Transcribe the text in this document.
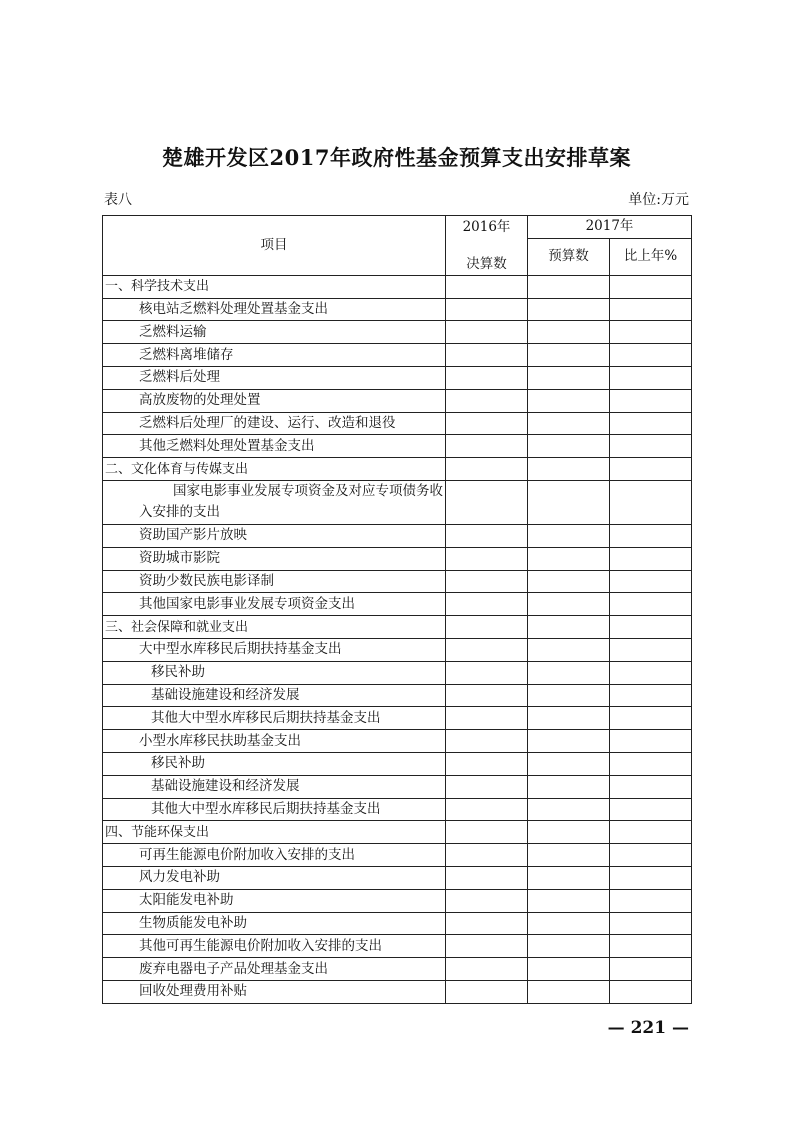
楚雄开发区2017年政府性基金预算支出安排草案
表八	单位:万元
项目	2016年	2017年	
	决算数	预算数	比上年%
一、科学技术支出			
核电站乏燃料处理处置基金支出			
乏燃料运输			
乏燃料离堆储存			
乏燃料后处理			
高放废物的处理处置			
乏燃料后处理厂的建设、运行、改造和退役			
其他乏燃料处理处置基金支出			
二、文化体育与传媒支出			

国家电影事业发展专项资金及对应专项债务收入安排的支出			

资助国产影片放映			
资助城市影院			
资助少数民族电影译制			
其他国家电影事业发展专项资金支出			
三、社会保障和就业支出			
大中型水库移民后期扶持基金支出			
移民补助			
基础设施建设和经济发展			
其他大中型水库移民后期扶持基金支出			
小型水库移民扶助基金支出			
移民补助			
基础设施建设和经济发展			
其他大中型水库移民后期扶持基金支出			
四、节能环保支出			
可再生能源电价附加收入安排的支出			
风力发电补助			
太阳能发电补助			
生物质能发电补助			
其他可再生能源电价附加收入安排的支出			
废弃电器电子产品处理基金支出			
回收处理费用补贴			
— 221 —
